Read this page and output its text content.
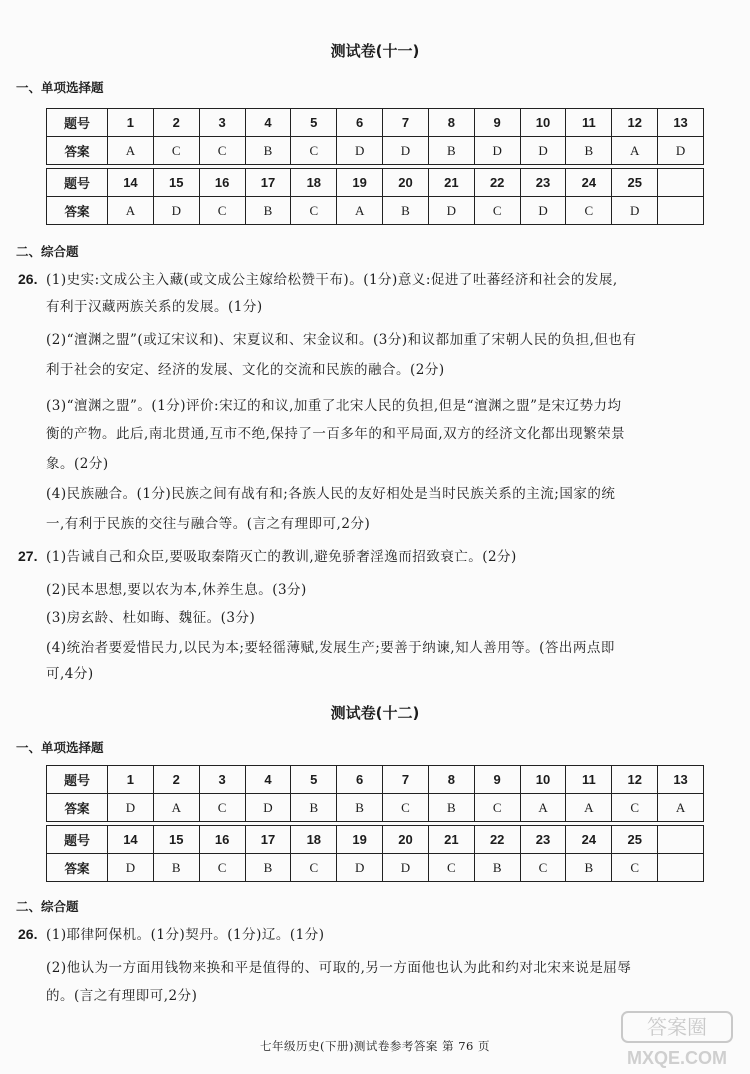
测试卷(十一)
一、单项选择题
题号	1	2	3	4	5	6	7	8	9	10	11	12	13
答案	A	C	C	B	C	D	D	B	D	D	B	A	D

题号	14	15	16	17	18	19	20	21	22	23	24	25	
答案	A	D	C	B	C	A	B	D	C	D	C	D	
二、综合题
26. (1)史实:文成公主入藏(或文成公主嫁给松赞干布)。(1分)意义:促进了吐蕃经济和社会的发展,
有利于汉藏两族关系的发展。(1分)
(2)“澶渊之盟”(或辽宋议和)、宋夏议和、宋金议和。(3分)和议都加重了宋朝人民的负担,但也有
利于社会的安定、经济的发展、文化的交流和民族的融合。(2分)
(3)“澶渊之盟”。(1分)评价:宋辽的和议,加重了北宋人民的负担,但是“澶渊之盟”是宋辽势力均
衡的产物。此后,南北贯通,互市不绝,保持了一百多年的和平局面,双方的经济文化都出现繁荣景
象。(2分)
(4)民族融合。(1分)民族之间有战有和;各族人民的友好相处是当时民族关系的主流;国家的统
一,有利于民族的交往与融合等。(言之有理即可,2分)
27. (1)告诫自己和众臣,要吸取秦隋灭亡的教训,避免骄奢淫逸而招致衰亡。(2分)
(2)民本思想,要以农为本,休养生息。(3分)
(3)房玄龄、杜如晦、魏征。(3分)
(4)统治者要爱惜民力,以民为本;要轻徭薄赋,发展生产;要善于纳谏,知人善用等。(答出两点即
可,4分)
测试卷(十二)
一、单项选择题
题号	1	2	3	4	5	6	7	8	9	10	11	12	13
答案	D	A	C	D	B	B	C	B	C	A	A	C	A

题号	14	15	16	17	18	19	20	21	22	23	24	25	
答案	D	B	C	B	C	D	D	C	B	C	B	C	
二、综合题
26. (1)耶律阿保机。(1分)契丹。(1分)辽。(1分)
(2)他认为一方面用钱物来换和平是值得的、可取的,另一方面他也认为此和约对北宋来说是屈辱
的。(言之有理即可,2分)
七年级历史(下册)测试卷参考答案 第 76 页
答案圈
MXQE.COM
